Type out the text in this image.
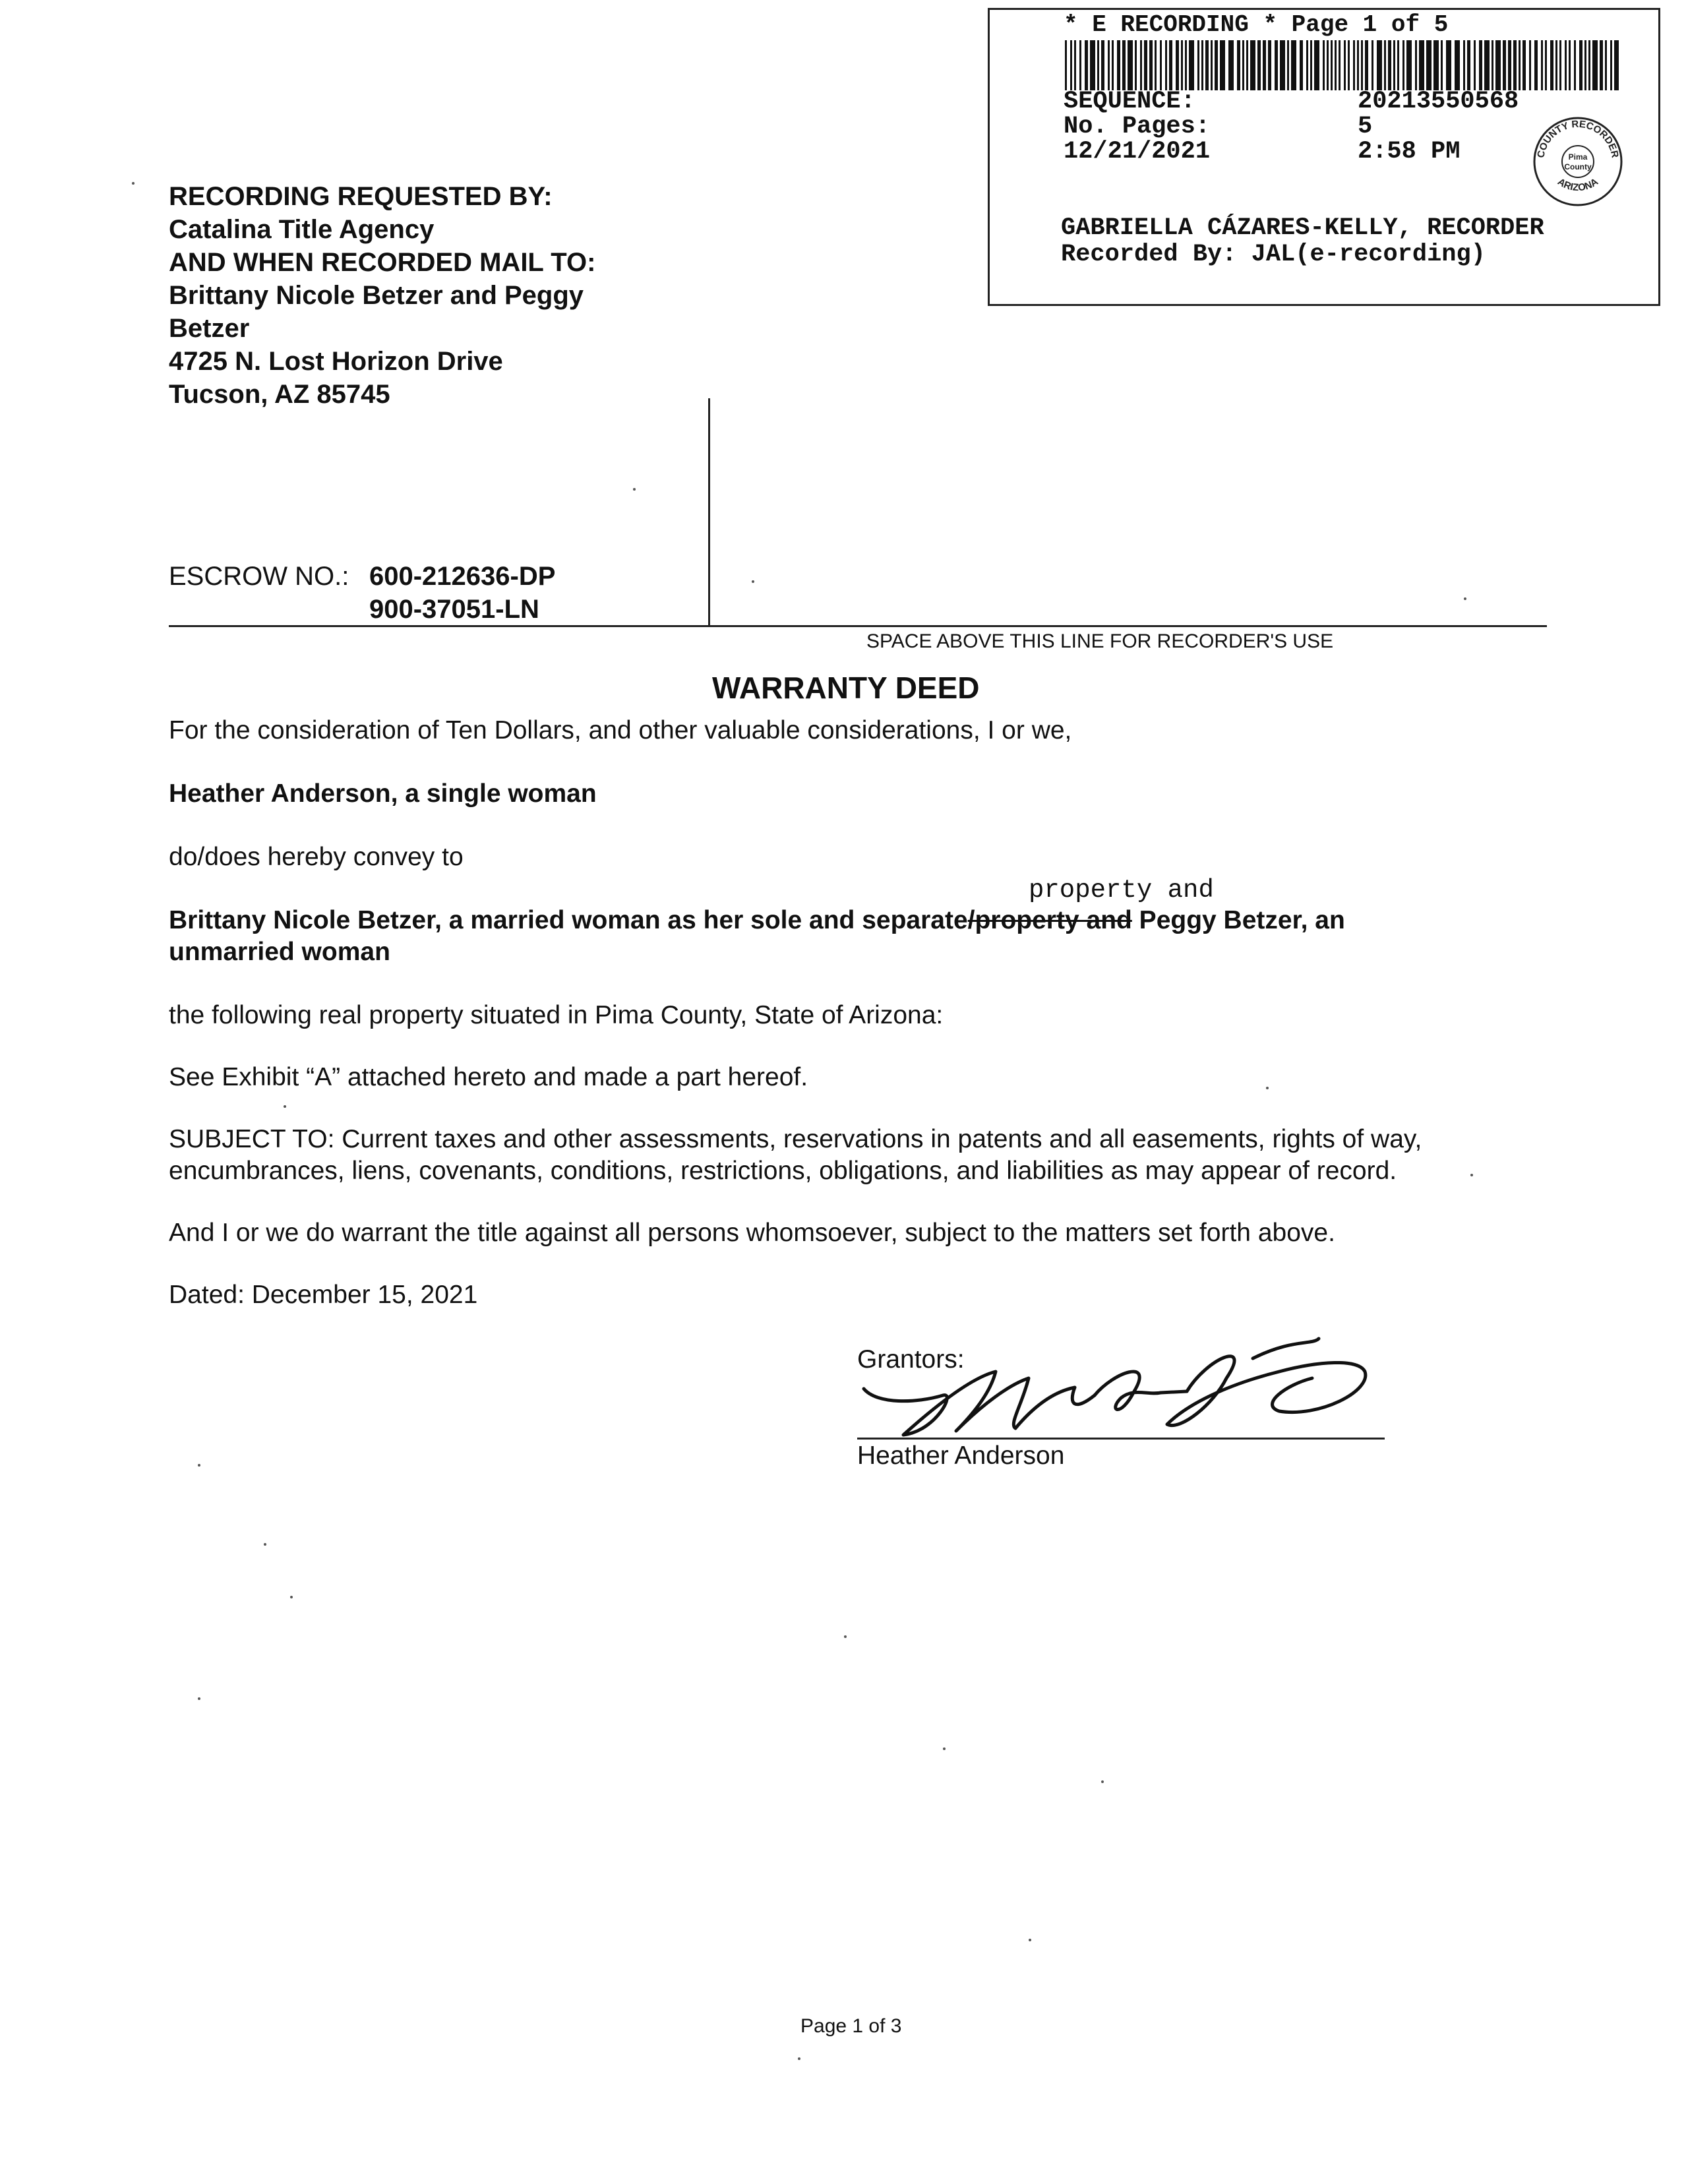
* E RECORDING * Page 1 of 5
SEQUENCE:	20213550568
No. Pages:	5
12/21/2021	2:58 PM	COUNTY RECORDER
ARIZONA
Pima
County
GABRIELLA CÁZARES-KELLY, RECORDER
Recorded By: JAL(e-recording)
RECORDING REQUESTED BY:
Catalina Title Agency
AND WHEN RECORDED MAIL TO:
Brittany Nicole Betzer and Peggy
Betzer
4725 N. Lost Horizon Drive
Tucson, AZ 85745
ESCROW NO.: 600-212636-DP
900-37051-LN
SPACE ABOVE THIS LINE FOR RECORDER'S USE
WARRANTY DEED
For the consideration of Ten Dollars, and other valuable considerations, I or we,
Heather Anderson, a single woman
do/does hereby convey to
property and
Brittany Nicole Betzer, a married woman as her sole and separate/property and Peggy Betzer, an
unmarried woman
the following real property situated in Pima County, State of Arizona:
See Exhibit “A” attached hereto and made a part hereof.
SUBJECT TO: Current taxes and other assessments, reservations in patents and all easements, rights of way,
encumbrances, liens, covenants, conditions, restrictions, obligations, and liabilities as may appear of record.
And I or we do warrant the title against all persons whomsoever, subject to the matters set forth above.
Dated: December 15, 2021
Grantors:
Heather Anderson
Page 1 of 3
